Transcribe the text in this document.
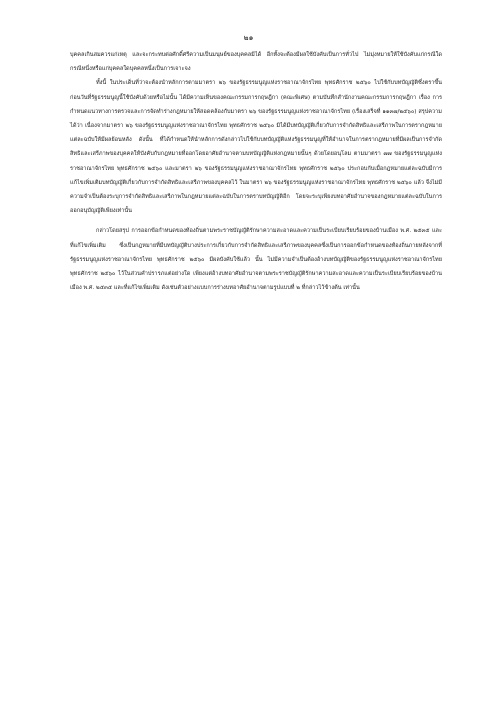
๒๑

บุคคลเกินสมควรแก่เหตุ และจะกระทบต่อศักดิ์ศรีความเป็นมนุษย์ของบุคคลมิได้ อีกทั้งจะต้องมีผลใช้บังคับเป็นการทั่วไป ไม่มุ่งหมายให้ใช้บังคับแก่กรณีใดกรณีหนึ่งหรือแก่บุคคลใดบุคคลหนึ่งเป็นการเจาะจง

ทั้งนี้ ในประเด็นที่ว่าจะต้องนำหลักการตามมาตรา ๒๖ ของรัฐธรรมนูญแห่งราชอาณาจักรไทย พุทธศักราช ๒๕๖๐ ไปใช้กับบทบัญญัติซึ่งตราขึ้นก่อนวันที่รัฐธรรมนูญนี้ใช้บังคับด้วยหรือไม่นั้น ได้มีความเห็นของคณะกรรมการกฤษฎีกา (คณะพิเศษ) ตามบันทึกสำนักงานคณะกรรมการกฤษฎีกา เรื่อง การกำหนดแนวทางการตรวจและการจัดทำร่างกฎหมายให้สอดคล้องกับมาตรา ๒๖ ของรัฐธรรมนูญแห่งราชอาณาจักรไทย (เรื่องเสร็จที่ ๑๑๓๗/๒๕๖๐) สรุปความได้ว่า เนื่องจากมาตรา ๒๖ ของรัฐธรรมนูญแห่งราชอาณาจักรไทย พุทธศักราช ๒๕๖๐ มิได้มีบทบัญญัติเกี่ยวกับการจำกัดสิทธิและเสรีภาพในการตรากฎหมายแต่ละฉบับให้มีผลย้อนหลัง ดังนั้น ที่ได้กำหนดให้นำหลักการดังกล่าวไปใช้กับบทบัญญัติแห่งรัฐธรรมนูญที่ให้อำนาจในการตรากฎหมายที่มีผลเป็นการจำกัดสิทธิและเสรีภาพของบุคคลให้บังคับกับกฎหมายที่ออกโดยอาศัยอำนาจตามบทบัญญัติแห่งกฎหมายนั้นๆ ด้วยโดยอนุโลม ตามมาตรา ๗๗ ของรัฐธรรมนูญแห่งราชอาณาจักรไทย พุทธศักราช ๒๕๖๐ และมาตรา ๒๖ ของรัฐธรรมนูญแห่งราชอาณาจักรไทย พุทธศักราช ๒๕๖๐ ประกอบกับเมื่อกฎหมายแต่ละฉบับมีการแก้ไขเพิ่มเติมบทบัญญัติเกี่ยวกับการจำกัดสิทธิและเสรีภาพของบุคคลไว้ ในมาตรา ๒๖ ของรัฐธรรมนูญแห่งราชอาณาจักรไทย พุทธศักราช ๒๕๖๐ แล้ว จึงไม่มีความจำเป็นต้องระบุการจำกัดสิทธิและเสรีภาพในกฎหมายแต่ละฉบับในการตราบทบัญญัติอีก โดยจะระบุเพียงบทอาศัยอำนาจของกฎหมายแต่ละฉบับในการออกอนุบัญญัติเพียงเท่านั้น

กล่าวโดยสรุป การออกข้อกำหนดของท้องถิ่นตามพระราชบัญญัติรักษาความสะอาดและความเป็นระเบียบเรียบร้อยของบ้านเมือง พ.ศ. ๒๕๓๕ และที่แก้ไขเพิ่มเติม ซึ่งเป็นกฎหมายที่มีบทบัญญัติบางประการเกี่ยวกับการจำกัดสิทธิและเสรีภาพของบุคคลซึ่งเป็นการออกข้อกำหนดของท้องถิ่นภายหลังจากที่รัฐธรรมนูญแห่งราชอาณาจักรไทย พุทธศักราช ๒๕๖๐ มีผลบังคับใช้แล้ว นั้น ไม่มีความจำเป็นต้องอ้างบทบัญญัติของรัฐธรรมนูญแห่งราชอาณาจักรไทย พุทธศักราช ๒๕๖๐ ไว้ในส่วนคำปรารภแต่อย่างใด เพียงแต่อ้างบทอาศัยอำนาจตามพระราชบัญญัติรักษาความสะอาดและความเป็นระเบียบเรียบร้อยของบ้านเมือง พ.ศ. ๒๕๓๕ และที่แก้ไขเพิ่มเติม ดังเช่นตัวอย่างแบบการร่างบทอาศัยอำนาจตามรูปแบบที่ ๒ ที่กล่าวไว้ข้างต้น เท่านั้น
